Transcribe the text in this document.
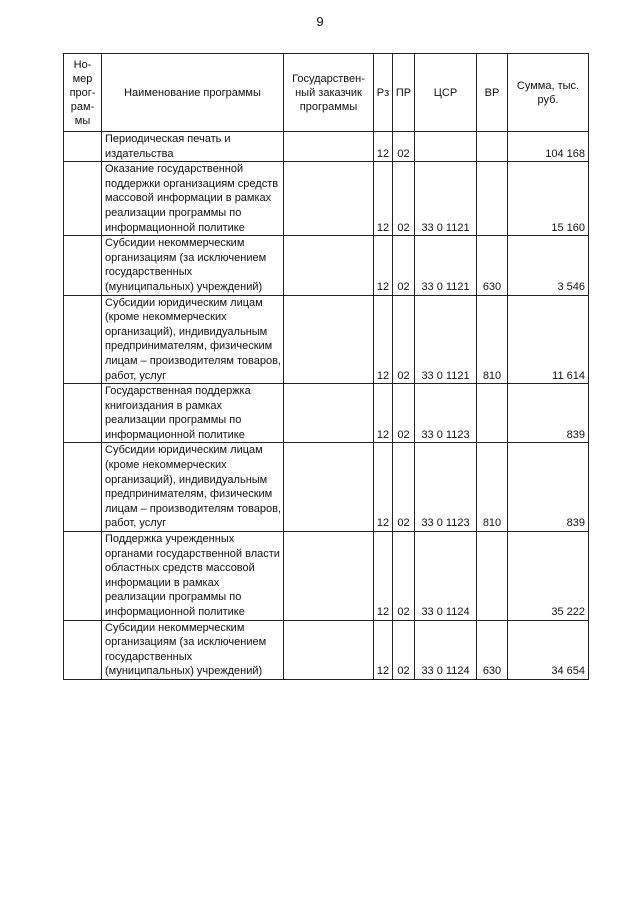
9
Но-мер прог-рам-мы	Наименование программы	Государствен-ный заказчик программы	Рз	ПР	ЦСР	ВР	Сумма, тыс. руб.
	Периодическая печать и издательства		12	02			104 168
	Оказание государственной поддержки организациям средств массовой информации в рамках реализации программы по информационной политике		12	02	33 0 1121		15 160
	Субсидии некоммерческим организациям (за исключением государственных (муниципальных) учреждений)		12	02	33 0 1121	630	3 546
	Субсидии юридическим лицам (кроме некоммерческих организаций), индивидуальным предпринимателям, физическим лицам – производителям товаров, работ, услуг		12	02	33 0 1121	810	11 614
	Государственная поддержка книгоиздания в рамках реализации программы по информационной политике		12	02	33 0 1123		839
	Субсидии юридическим лицам (кроме некоммерческих организаций), индивидуальным предпринимателям, физическим лицам – производителям товаров, работ, услуг		12	02	33 0 1123	810	839
	Поддержка учрежденных органами государственной власти областных средств массовой информации в рамках реализации программы по информационной политике		12	02	33 0 1124		35 222
	Субсидии некоммерческим организациям (за исключением государственных (муниципальных) учреждений)		12	02	33 0 1124	630	34 654
